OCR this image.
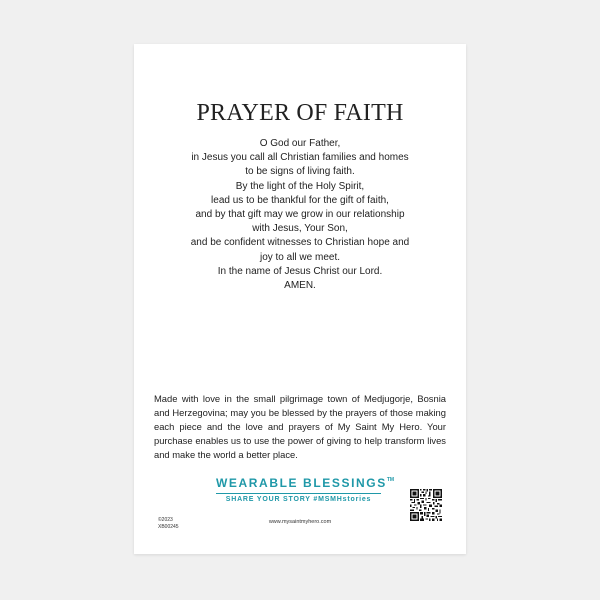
PRAYER OF FAITH
O God our Father,
in Jesus you call all Christian families and homes
to be signs of living faith.
By the light of the Holy Spirit,
lead us to be thankful for the gift of faith,
and by that gift may we grow in our relationship
with Jesus, Your Son,
and be confident witnesses to Christian hope and
joy to all we meet.
In the name of Jesus Christ our Lord.
AMEN.
Made with love in the small pilgrimage town of Medjugorje, Bosnia and Herzegovina; may you be blessed by the prayers of those making each piece and the love and prayers of My Saint My Hero. Your purchase enables us to use the power of giving to help transform lives and make the world a better place.
WEARABLE BLESSINGS™
SHARE YOUR STORY #MSMHstories
©2023
XB00245
www.mysaintmyhero.com
